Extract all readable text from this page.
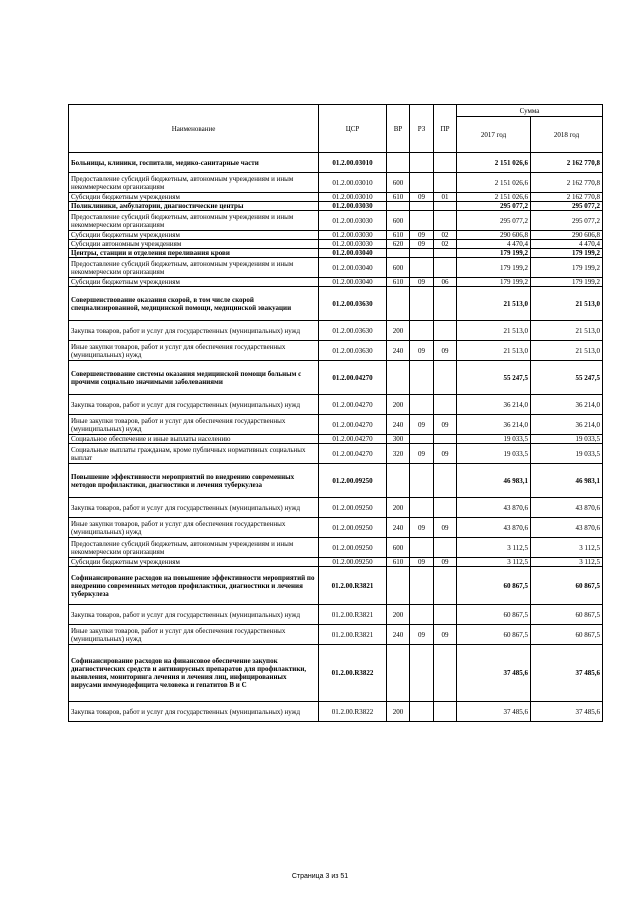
Наименование	ЦСР	ВР	РЗ	ПР	Сумма	
					2017 год	2018 год
Больницы, клиники, госпитали, медико-санитарные части	01.2.00.03010				2 151 026,6	2 162 770,8
Предоставление субсидий бюджетным, автономным учреждениям и иным некоммерческим организациям	01.2.00.03010	600			2 151 026,6	2 162 770,8
Субсидии бюджетным учреждениям	01.2.00.03010	610	09	01	2 151 026,6	2 162 770,8
Поликлиники, амбулатории, диагностические центры	01.2.00.03030				295 077,2	295 077,2
Предоставление субсидий бюджетным, автономным учреждениям и иным некоммерческим организациям	01.2.00.03030	600			295 077,2	295 077,2
Субсидии бюджетным учреждениям	01.2.00.03030	610	09	02	290 606,8	290 606,8
Субсидии автономным учреждениям	01.2.00.03030	620	09	02	4 470,4	4 470,4
Центры, станции и отделения переливания крови	01.2.00.03040				179 199,2	179 199,2
Предоставление субсидий бюджетным, автономным учреждениям и иным некоммерческим организациям	01.2.00.03040	600			179 199,2	179 199,2
Субсидии бюджетным учреждениям	01.2.00.03040	610	09	06	179 199,2	179 199,2
Совершенствование оказания скорой, в том числе скорой специализированной, медицинской помощи, медицинской эвакуации	01.2.00.03630				21 513,0	21 513,0
Закупка товаров, работ и услуг для государственных (муниципальных) нужд	01.2.00.03630	200			21 513,0	21 513,0
Иные закупки товаров, работ и услуг для обеспечения государственных (муниципальных) нужд	01.2.00.03630	240	09	09	21 513,0	21 513,0
Совершенствование системы оказания медицинской помощи больным с прочими социально значимыми заболеваниями	01.2.00.04270				55 247,5	55 247,5
Закупка товаров, работ и услуг для государственных (муниципальных) нужд	01.2.00.04270	200			36 214,0	36 214,0
Иные закупки товаров, работ и услуг для обеспечения государственных (муниципальных) нужд	01.2.00.04270	240	09	09	36 214,0	36 214,0
Социальное обеспечение и иные выплаты населению	01.2.00.04270	300			19 033,5	19 033,5
Социальные выплаты гражданам, кроме публичных нормативных социальных выплат	01.2.00.04270	320	09	09	19 033,5	19 033,5
Повышение эффективности мероприятий по внедрению современных методов профилактики, диагностики и лечения туберкулеза	01.2.00.09250				46 983,1	46 983,1
Закупка товаров, работ и услуг для государственных (муниципальных) нужд	01.2.00.09250	200			43 870,6	43 870,6
Иные закупки товаров, работ и услуг для обеспечения государственных (муниципальных) нужд	01.2.00.09250	240	09	09	43 870,6	43 870,6
Предоставление субсидий бюджетным, автономным учреждениям и иным некоммерческим организациям	01.2.00.09250	600			3 112,5	3 112,5
Субсидии бюджетным учреждениям	01.2.00.09250	610	09	09	3 112,5	3 112,5
Софинансирование расходов на повышение эффективности мероприятий по внедрению современных методов профилактики, диагностики и лечения туберкулеза	01.2.00.R3821				60 867,5	60 867,5
Закупка товаров, работ и услуг для государственных (муниципальных) нужд	01.2.00.R3821	200			60 867,5	60 867,5
Иные закупки товаров, работ и услуг для обеспечения государственных (муниципальных) нужд	01.2.00.R3821	240	09	09	60 867,5	60 867,5
Софинансирование расходов на финансовое обеспечение закупок диагностических средств и антивирусных препаратов для профилактики, выявления, мониторинга лечения и лечения лиц, инфицированных вирусами иммунодефицита человека и гепатитов В и С	01.2.00.R3822				37 485,6	37 485,6
Закупка товаров, работ и услуг для государственных (муниципальных) нужд	01.2.00.R3822	200			37 485,6	37 485,6
Страница 3 из 51
